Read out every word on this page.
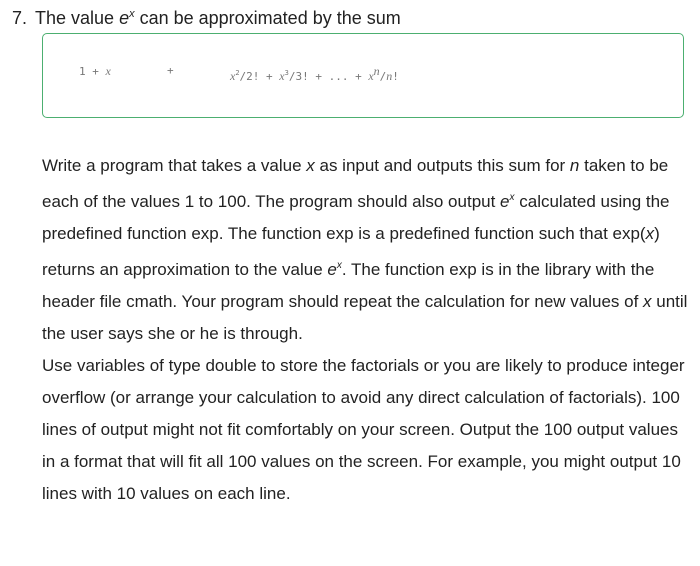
7. The value $e^x$ can be approximated by the sum
1 + x	+	$x^2/2$! + $x^3/3$! + ... + $x^n/n$!

Write a program that takes a value x as input and outputs this sum for n taken to be each of the values 1 to 100. The program should also output $e^x$ calculated using the predefined function exp. The function exp is a predefined function such that exp(x) returns an approximation to the value $e^x$. The function exp is in the library with the header file cmath. Your program should repeat the calculation for new values of x until the user says she or he is through.

Use variables of type double to store the factorials or you are likely to produce integer overflow (or arrange your calculation to avoid any direct calculation of factorials). 100 lines of output might not fit comfortably on your screen. Output the 100 output values in a format that will fit all 100 values on the screen. For example, you might output 10 lines with 10 values on each line.
